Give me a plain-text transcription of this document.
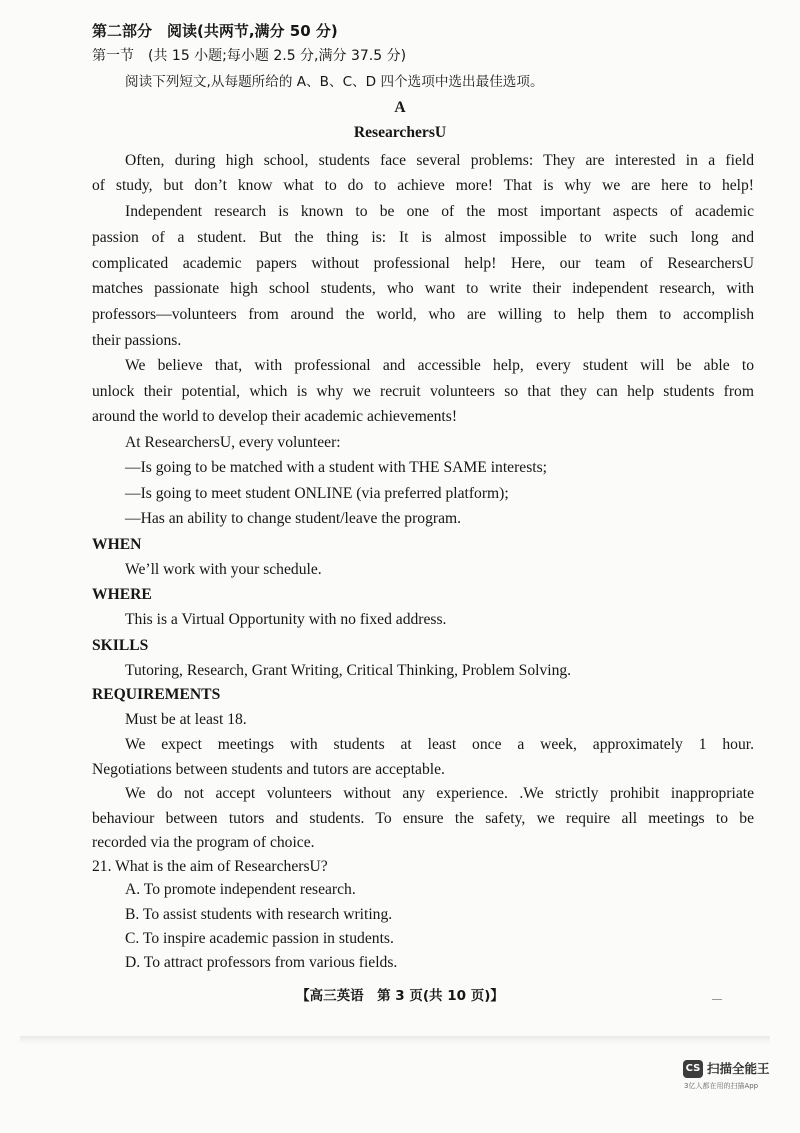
第二部分　阅读(共两节,满分 50 分)
第一节　(共 15 小题;每小题 2.5 分,满分 37.5 分)
阅读下列短文,从每题所给的 A、B、C、D 四个选项中选出最佳选项。
A
ResearchersU
Often, during high school, students face several problems: They are interested in a field
of study, but don’t know what to do to achieve more! That is why we are here to help!
Independent research is known to be one of the most important aspects of academic
passion of a student. But the thing is: It is almost impossible to write such long and
complicated academic papers without professional help! Here, our team of ResearchersU
matches passionate high school students, who want to write their independent research, with
professors—volunteers from around the world, who are willing to help them to accomplish
their passions.
We believe that, with professional and accessible help, every student will be able to
unlock their potential, which is why we recruit volunteers so that they can help students from
around the world to develop their academic achievements!
At ResearchersU, every volunteer:
—Is going to be matched with a student with THE SAME interests;
—Is going to meet student ONLINE (via preferred platform);
—Has an ability to change student/leave the program.
WHEN
We’ll work with your schedule.
WHERE
This is a Virtual Opportunity with no fixed address.
SKILLS
Tutoring, Research, Grant Writing, Critical Thinking, Problem Solving.
REQUIREMENTS
Must be at least 18.
We expect meetings with students at least once a week, approximately 1 hour.
Negotiations between students and tutors are acceptable.
We do not accept volunteers without any experience. .We strictly prohibit inappropriate
behaviour between tutors and students. To ensure the safety, we require all meetings to be
recorded via the program of choice.
21. What is the aim of ResearchersU?
A. To promote independent research.
B. To assist students with research writing.
C. To inspire academic passion in students.
D. To attract professors from various fields.
【高三英语　第 3 页(共 10 页)】
CS 扫描全能王
3亿人都在用的扫描App
